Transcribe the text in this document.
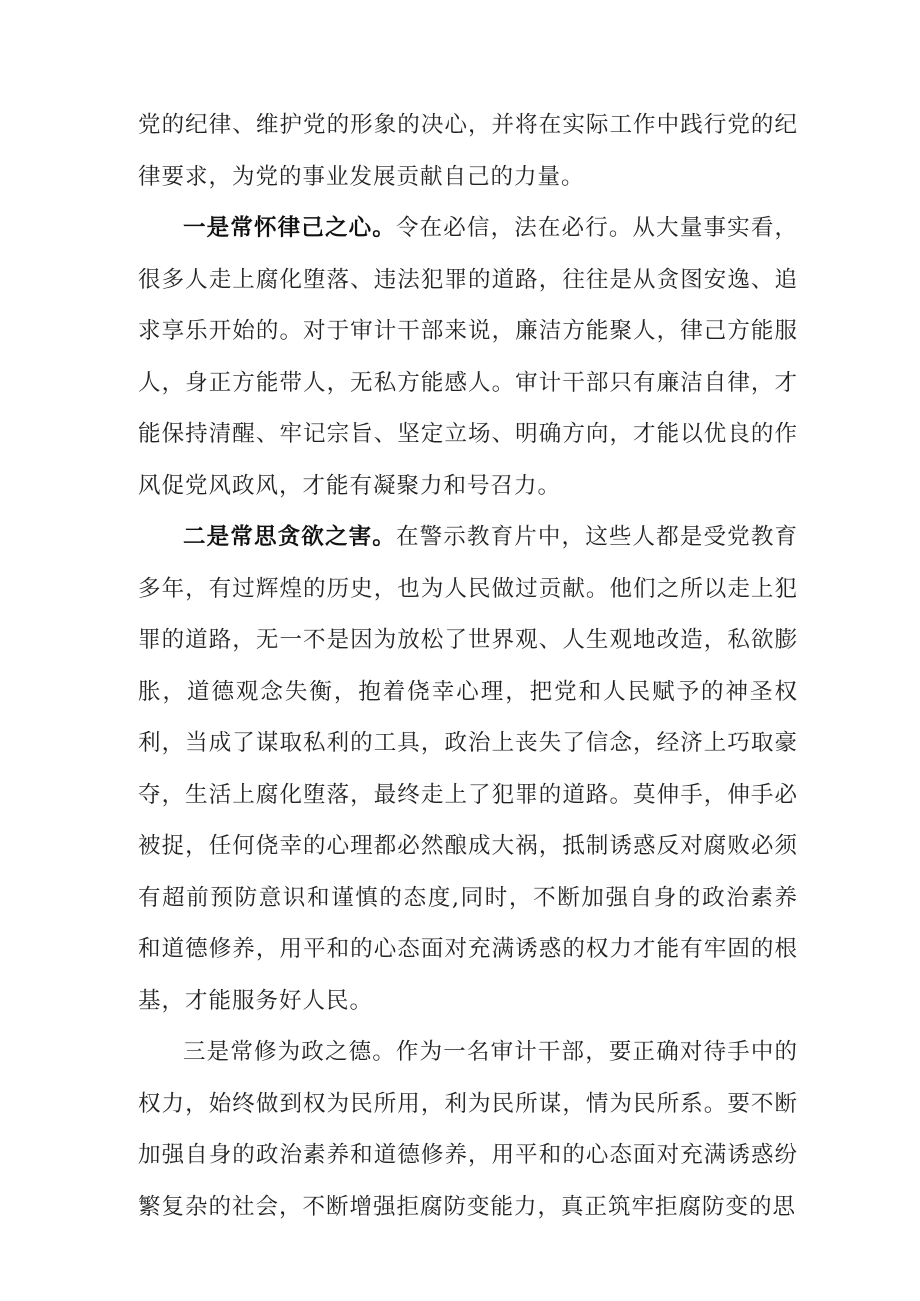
党的纪律、维护党的形象的决心，并将在实际工作中践行党的纪律要求，为党的事业发展贡献自己的力量。

一是常怀律己之心。令在必信，法在必行。从大量事实看，很多人走上腐化堕落、违法犯罪的道路，往往是从贪图安逸、追求享乐开始的。对于审计干部来说，廉洁方能聚人，律己方能服人，身正方能带人，无私方能感人。审计干部只有廉洁自律，才能保持清醒、牢记宗旨、坚定立场、明确方向，才能以优良的作风促党风政风，才能有凝聚力和号召力。

二是常思贪欲之害。在警示教育片中，这些人都是受党教育多年，有过辉煌的历史，也为人民做过贡献。他们之所以走上犯罪的道路，无一不是因为放松了世界观、人生观地改造，私欲膨胀，道德观念失衡，抱着侥幸心理，把党和人民赋予的神圣权利，当成了谋取私利的工具，政治上丧失了信念，经济上巧取豪夺，生活上腐化堕落，最终走上了犯罪的道路。莫伸手，伸手必被捉，任何侥幸的心理都必然酿成大祸，抵制诱惑反对腐败必须有超前预防意识和谨慎的态度,同时，不断加强自身的政治素养和道德修养，用平和的心态面对充满诱惑的权力才能有牢固的根基，才能服务好人民。

三是常修为政之德。作为一名审计干部，要正确对待手中的权力，始终做到权为民所用，利为民所谋，情为民所系。要不断加强自身的政治素养和道德修养，用平和的心态面对充满诱惑纷繁复杂的社会，不断增强拒腐防变能力，真正筑牢拒腐防变的思
